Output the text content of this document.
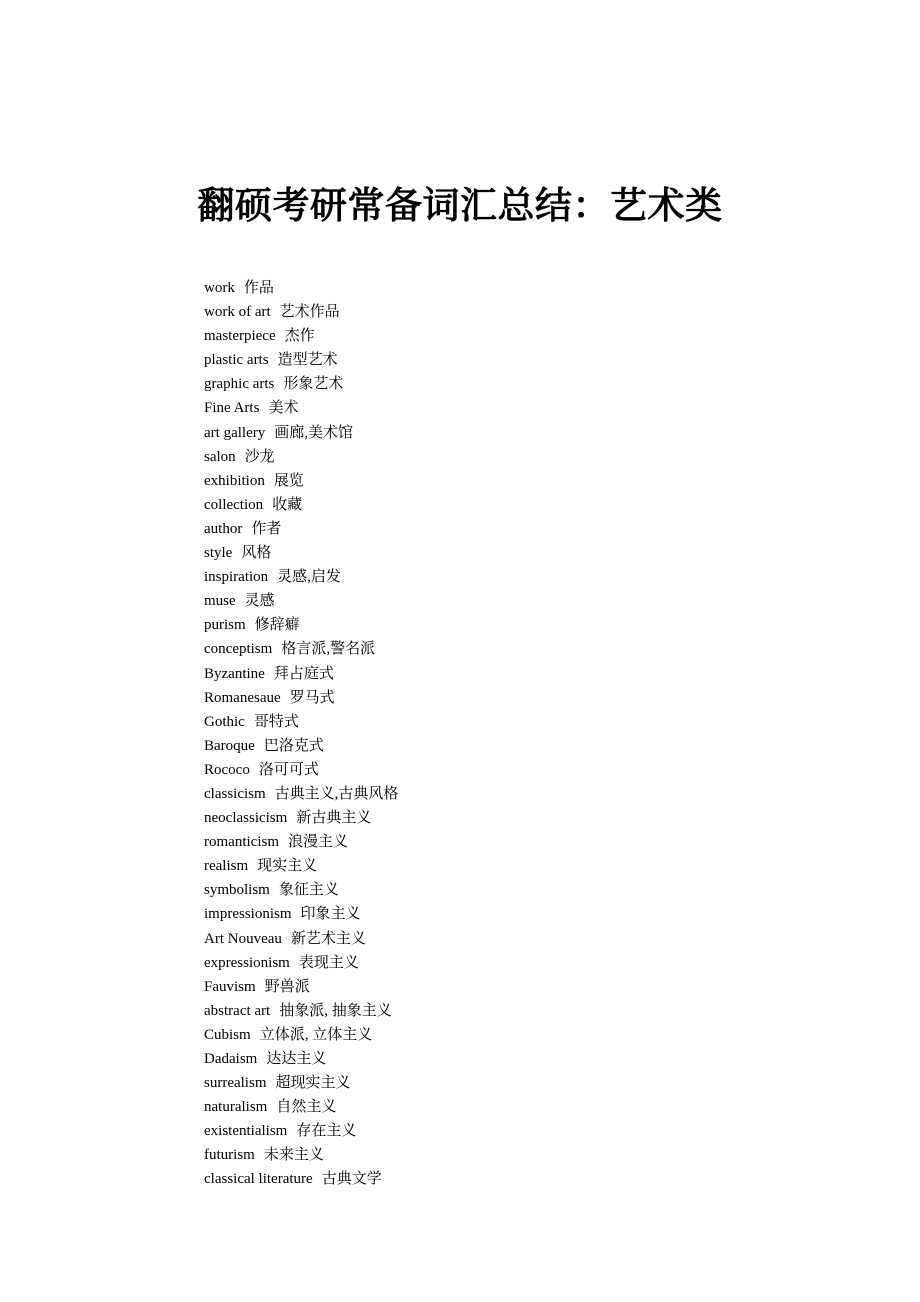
翻硕考研常备词汇总结：艺术类
work 作品
work of art 艺术作品
masterpiece 杰作
plastic arts 造型艺术
graphic arts 形象艺术
Fine Arts 美术
art gallery 画廊,美术馆
salon 沙龙
exhibition 展览
collection 收藏
author 作者
style 风格
inspiration 灵感,启发
muse 灵感
purism 修辞癖
conceptism 格言派,警名派
Byzantine 拜占庭式
Romanesaue 罗马式
Gothic 哥特式
Baroque 巴洛克式
Rococo 洛可可式
classicism 古典主义,古典风格
neoclassicism 新古典主义
romanticism 浪漫主义
realism 现实主义
symbolism 象征主义
impressionism 印象主义
Art Nouveau 新艺术主义
expressionism 表现主义
Fauvism 野兽派
abstract art 抽象派, 抽象主义
Cubism 立体派, 立体主义
Dadaism 达达主义
surrealism 超现实主义
naturalism 自然主义
existentialism 存在主义
futurism 未来主义
classical literature 古典文学
